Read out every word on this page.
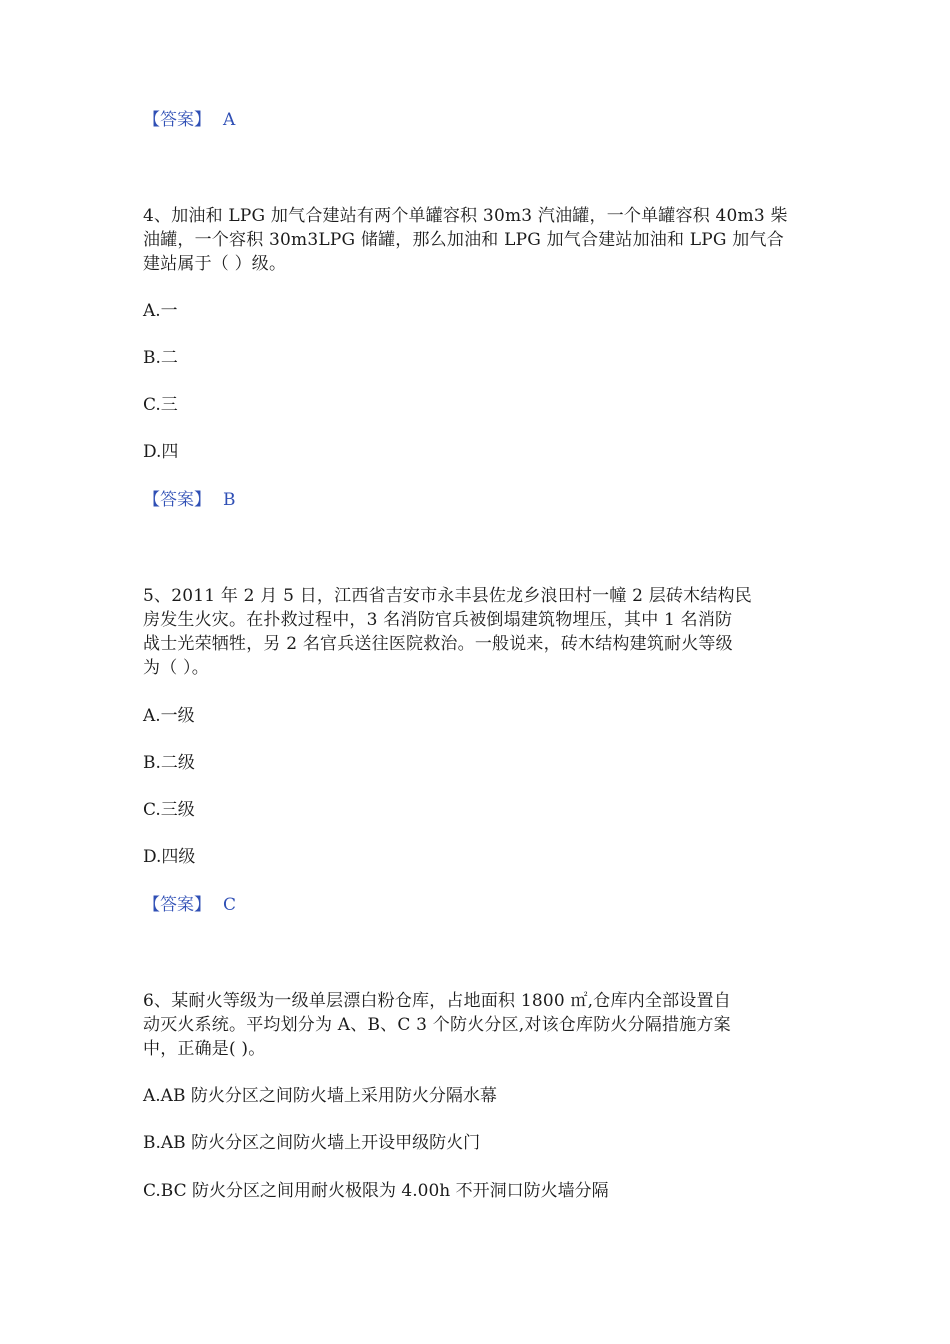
【答案】 A
4、加油和 LPG 加气合建站有两个单罐容积 30m3 汽油罐，一个单罐容积 40m3 柴
油罐，一个容积 30m3LPG 储罐，那么加油和 LPG 加气合建站加油和 LPG 加气合
建站属于（ ）级。
A.一
B.二
C.三
D.四
【答案】 B
5、2011 年 2 月 5 日，江西省吉安市永丰县佐龙乡浪田村一幢 2 层砖木结构民
房发生火灾。在扑救过程中，3 名消防官兵被倒塌建筑物埋压，其中 1 名消防
战士光荣牺牲，另 2 名官兵送往医院救治。一般说来，砖木结构建筑耐火等级
为（ ）。
A.一级
B.二级
C.三级
D.四级
【答案】 C
6、某耐火等级为一级单层漂白粉仓库，占地面积 1800 ㎡,仓库内全部设置自
动灭火系统。平均划分为 A、B、C 3 个防火分区,对该仓库防火分隔措施方案
中，正确是( )。
A.AB 防火分区之间防火墙上采用防火分隔水幕
B.AB 防火分区之间防火墙上开设甲级防火门
C.BC 防火分区之间用耐火极限为 4.00h 不开洞口防火墙分隔
